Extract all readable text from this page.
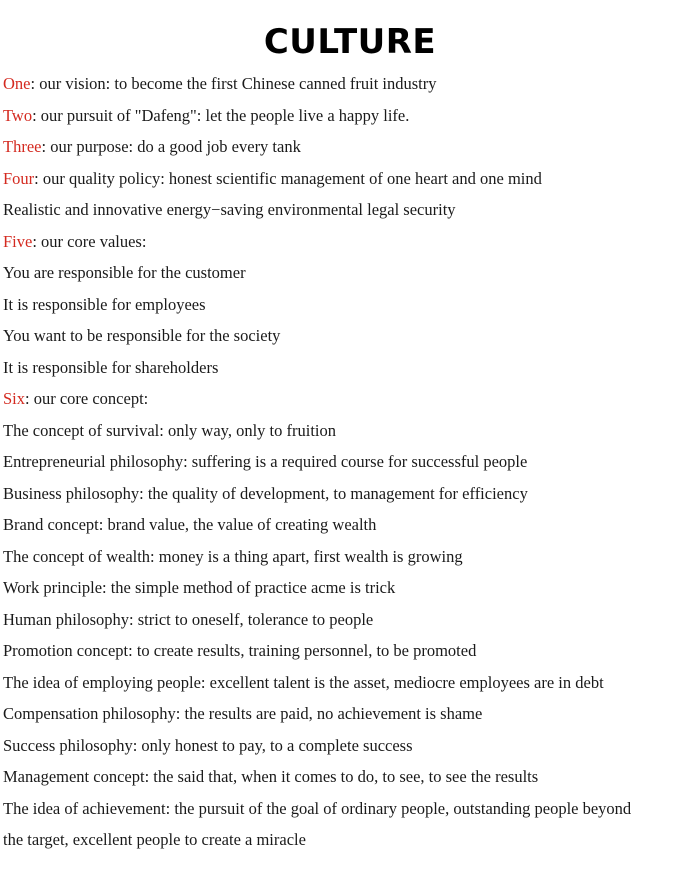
CULTURE
One: our vision: to become the first Chinese canned fruit industry
Two: our pursuit of "Dafeng": let the people live a happy life.
Three: our purpose: do a good job every tank
Four: our quality policy: honest scientific management of one heart and one mind
Realistic and innovative energy−saving environmental legal security
Five: our core values:
You are responsible for the customer
It is responsible for employees
You want to be responsible for the society
It is responsible for shareholders
Six: our core concept:
The concept of survival: only way, only to fruition
Entrepreneurial philosophy: suffering is a required course for successful people
Business philosophy: the quality of development, to management for efficiency
Brand concept: brand value, the value of creating wealth
The concept of wealth: money is a thing apart, first wealth is growing
Work principle: the simple method of practice acme is trick
Human philosophy: strict to oneself, tolerance to people
Promotion concept: to create results, training personnel, to be promoted
The idea of employing people: excellent talent is the asset, mediocre employees are in debt
Compensation philosophy: the results are paid, no achievement is shame
Success philosophy: only honest to pay, to a complete success
Management concept: the said that, when it comes to do, to see, to see the results
The idea of achievement: the pursuit of the goal of ordinary people, outstanding people beyond
the target, excellent people to create a miracle
